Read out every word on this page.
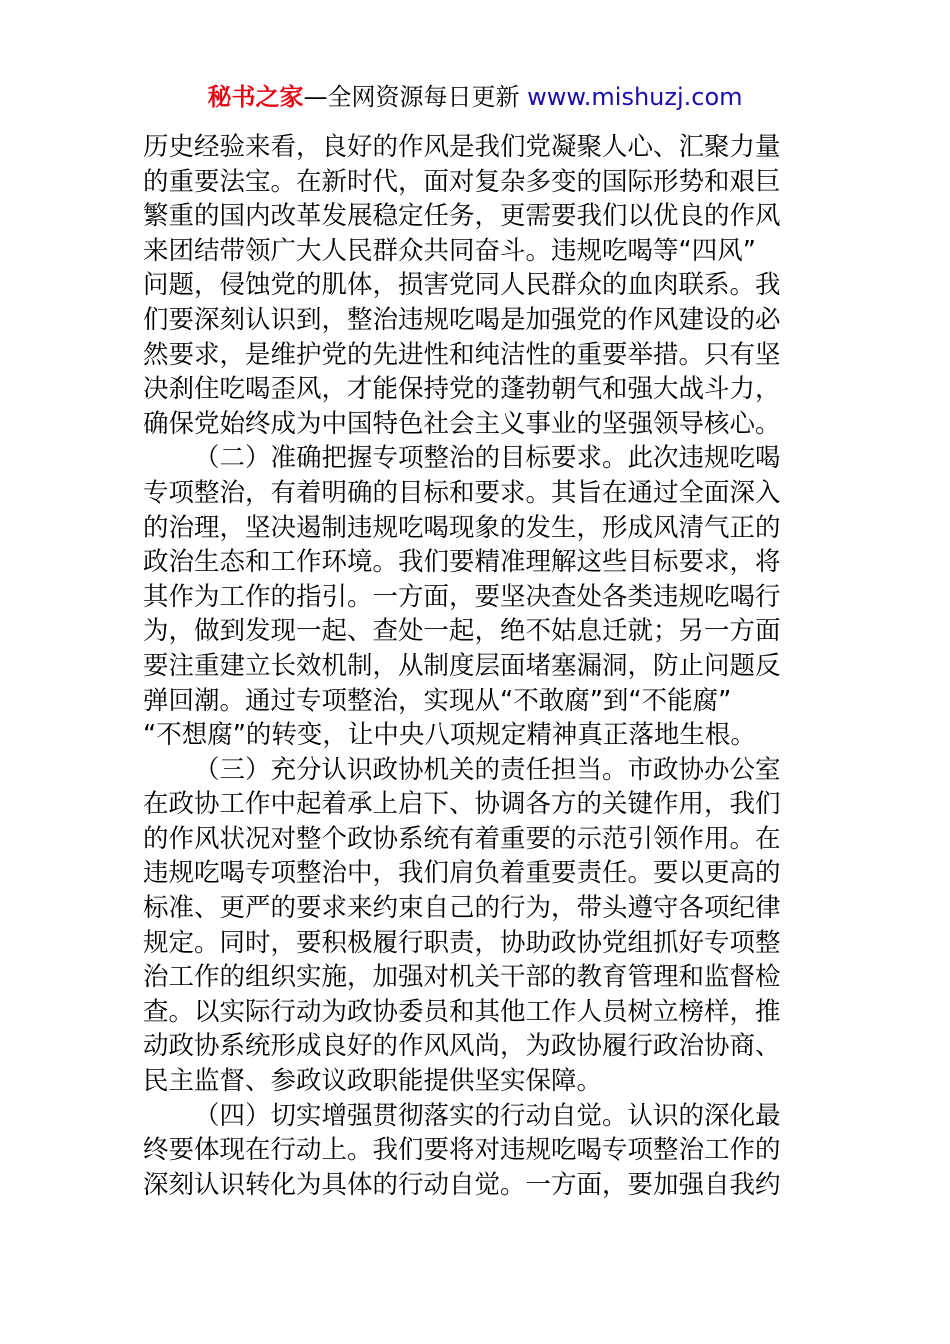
秘书之家—全网资源每日更新 www.mishuzj.com
历史经验来看，良好的作风是我们党凝聚人心、汇聚力量
的重要法宝。在新时代，面对复杂多变的国际形势和艰巨
繁重的国内改革发展稳定任务，更需要我们以优良的作风
来团结带领广大人民群众共同奋斗。违规吃喝等“四风”
问题，侵蚀党的肌体，损害党同人民群众的血肉联系。我
们要深刻认识到，整治违规吃喝是加强党的作风建设的必
然要求，是维护党的先进性和纯洁性的重要举措。只有坚
决刹住吃喝歪风，才能保持党的蓬勃朝气和强大战斗力，
确保党始终成为中国特色社会主义事业的坚强领导核心。
（二）准确把握专项整治的目标要求。此次违规吃喝
专项整治，有着明确的目标和要求。其旨在通过全面深入
的治理，坚决遏制违规吃喝现象的发生，形成风清气正的
政治生态和工作环境。我们要精准理解这些目标要求，将
其作为工作的指引。一方面，要坚决查处各类违规吃喝行
为，做到发现一起、查处一起，绝不姑息迁就；另一方面
要注重建立长效机制，从制度层面堵塞漏洞，防止问题反
弹回潮。通过专项整治，实现从“不敢腐”到“不能腐”
“不想腐”的转变，让中央八项规定精神真正落地生根。
（三）充分认识政协机关的责任担当。市政协办公室
在政协工作中起着承上启下、协调各方的关键作用，我们
的作风状况对整个政协系统有着重要的示范引领作用。在
违规吃喝专项整治中，我们肩负着重要责任。要以更高的
标准、更严的要求来约束自己的行为，带头遵守各项纪律
规定。同时，要积极履行职责，协助政协党组抓好专项整
治工作的组织实施，加强对机关干部的教育管理和监督检
查。以实际行动为政协委员和其他工作人员树立榜样，推
动政协系统形成良好的作风风尚，为政协履行政治协商、
民主监督、参政议政职能提供坚实保障。
（四）切实增强贯彻落实的行动自觉。认识的深化最
终要体现在行动上。我们要将对违规吃喝专项整治工作的
深刻认识转化为具体的行动自觉。一方面，要加强自我约
